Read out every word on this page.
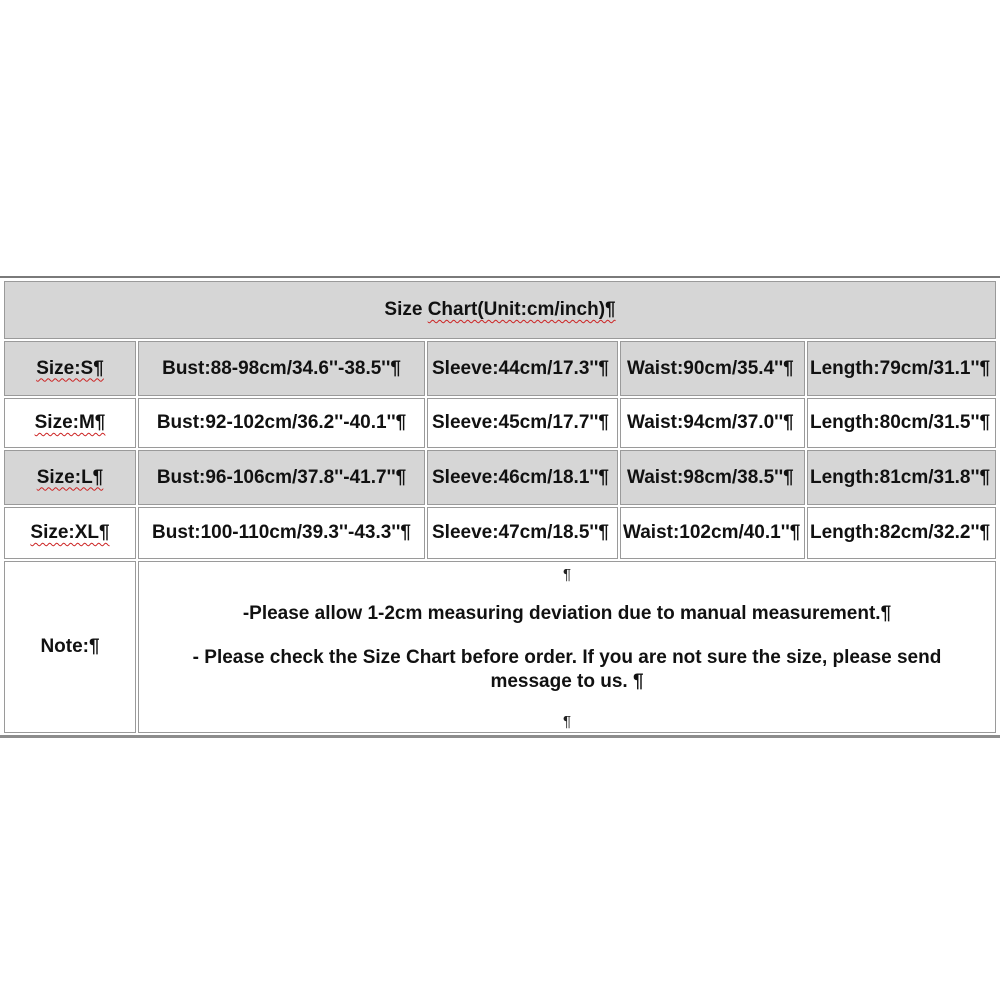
Size
Chart(Unit:cm/inch)¶
Size:S¶	Bust:88-98cm/34.6''-38.5''¶	Sleeve:44cm/17.3''¶ Waist:90cm/35.4''¶ Length:79cm/31.1''¶
Size:M¶	Bust:92-102cm/36.2''-40.1''¶	Sleeve:45cm/17.7''¶ Waist:94cm/37.0''¶ Length:80cm/31.5''¶
Size:L¶	Bust:96-106cm/37.8''-41.7''¶	Sleeve:46cm/18.1''¶ Waist:98cm/38.5''¶ Length:81cm/31.8''¶
Size:XL¶	Bust:100-110cm/39.3''-43.3''¶	Sleeve:47cm/18.5''¶ Waist:102cm/40.1''¶ Length:82cm/32.2''¶
Note:¶
¶

-Please allow 1-2cm measuring deviation due to manual measurement.¶

- Please check the Size Chart before order. If you are not sure the size, please send message to us. ¶

¶
